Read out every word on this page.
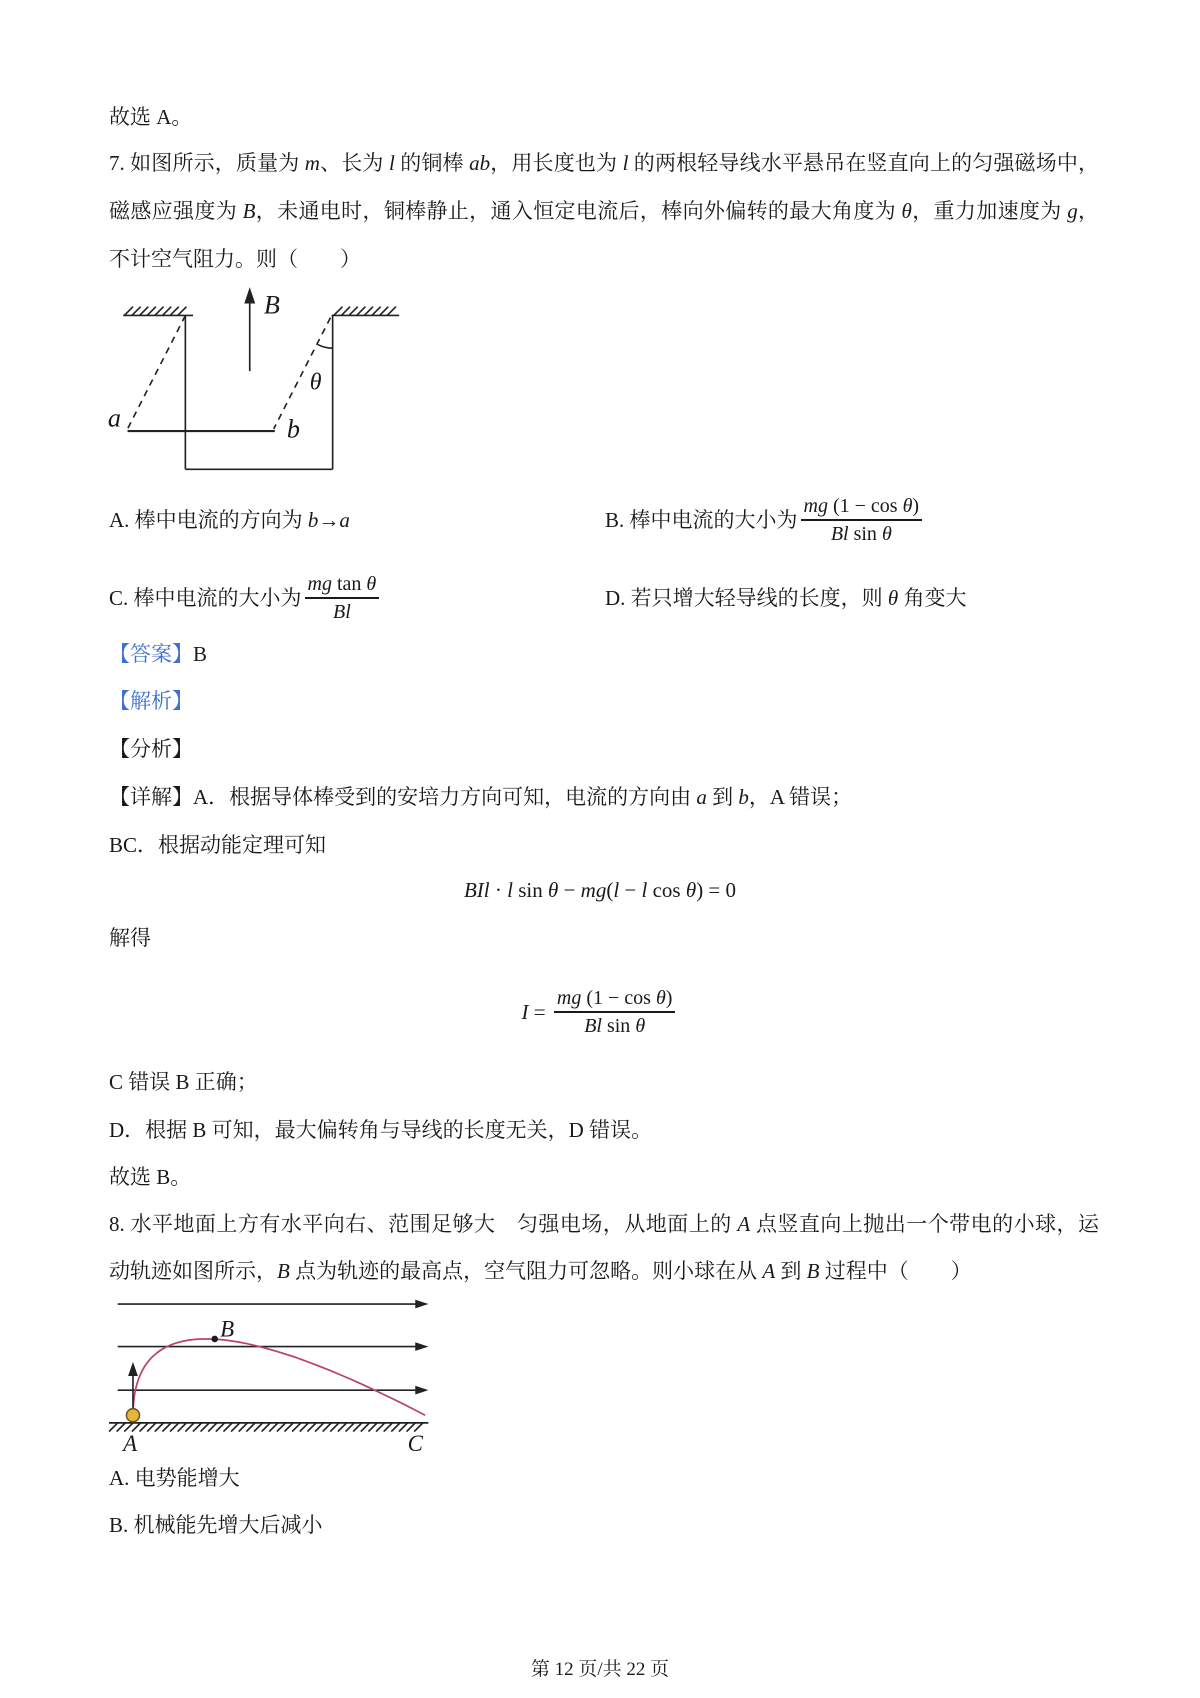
故选 A。
7. 如图所示，质量为 m、长为 l 的铜棒 ab，用长度也为 l 的两根轻导线水平悬吊在竖直向上的匀强磁场中，
磁感应强度为 B，未通电时，铜棒静止，通入恒定电流后，棒向外偏转的最大角度为 θ，重力加速度为 g，
不计空气阻力。则（　　）
B
θ
a	b
A. 棒中电流的方向为 b→a	B. 棒中电流的大小为 $\frac{\text{mg (1 − cos θ)}}{\text{Bl sin θ}}$
C. 棒中电流的大小为 $\frac{\text{mg tan θ}}{Bl}$	D. 若只增大轻导线的长度，则 θ 角变大
【答案】B
【解析】
【分析】
【详解】A．根据导体棒受到的安培力方向可知，电流的方向由 a 到 b，A 错误；
BC．根据动能定理可知
BIl · l sin θ − mg(l − l cos θ) = 0
解得
$I = \frac{\text{mg (1 − cos θ)}}{\text{Bl sin θ}}$
C 错误 B 正确；
D．根据 B 可知，最大偏转角与导线的长度无关，D 错误。
故选 B。
8. 水平地面上方有水平向右、范围足够大　匀强电场，从地面上的 A 点竖直向上抛出一个带电的小球，运
动轨迹如图所示，B 点为轨迹的最高点，空气阻力可忽略。则小球在从 A 到 B 过程中（　　）
B
A	C
A. 电势能增大
B. 机械能先增大后减小
第 12 页/共 22 页
